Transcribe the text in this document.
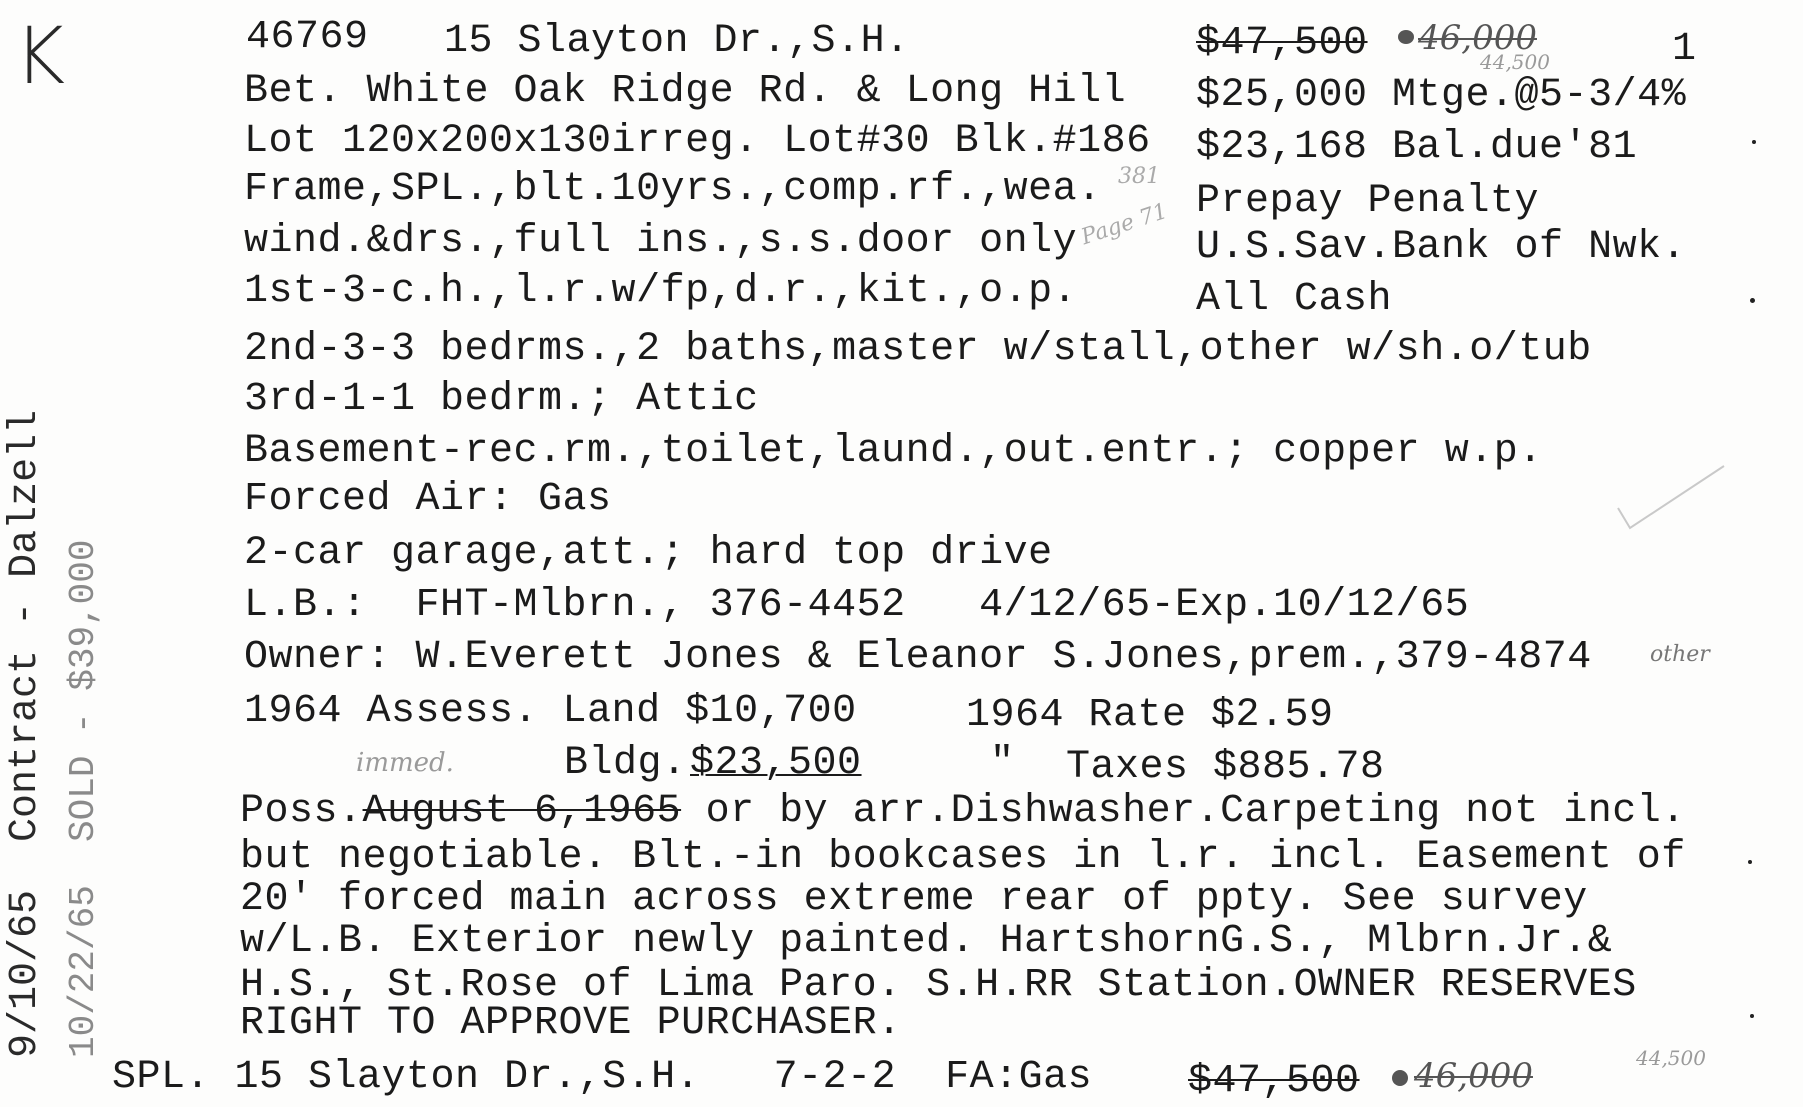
K	46769 15 Slayton Dr.,S.H.	$47,500 46,000
44,500	1
Bet. White Oak Ridge Rd. & Long Hill
Lot 120x200x130irreg. Lot#30 Blk.#186
Frame,SPL.,blt.10yrs.,comp.rf.,wea.
wind.&drs.,full ins.,s.s.door only
1st-3-c.h.,l.r.w/fp,d.r.,kit.,o.p.
$25,000 Mtge.@5-3/4%
$23,168 Bal.due'81
Prepay Penalty
U.S.Sav.Bank of Nwk.
All Cash
381
Page 71
2nd-3-3 bedrms.,2 baths,master w/stall,other w/sh.o/tub
3rd-1-1 bedrm.; Attic
Basement-rec.rm.,toilet,laund.,out.entr.; copper w.p.
Forced Air: Gas
2-car garage,att.; hard top drive
L.B.:  FHT-Mlbrn., 376-4452   4/12/65-Exp.10/12/65
Owner: W.Everett Jones & Eleanor S.Jones,prem.,379-4874	other
1964 Assess. Land $10,700	1964 Rate $2.59
immed.	Bldg. $23,500	" Taxes $885.78
Poss.August 6,1965 or by arr.Dishwasher.Carpeting not incl.
but negotiable. Blt.-in bookcases in l.r. incl. Easement of
20' forced main across extreme rear of ppty. See survey
w/L.B. Exterior newly painted. HartshornG.S., Mlbrn.Jr.&
H.S., St.Rose of Lima Paro. S.H.RR Station.OWNER RESERVES
RIGHT TO APPROVE PURCHASER.
SPL. 15 Slayton Dr.,S.H.   7-2-2  FA:Gas $47,500 46,000	44,500
9/10/65  Contract - Dalzell 10/22/65  SOLD - $39,000
